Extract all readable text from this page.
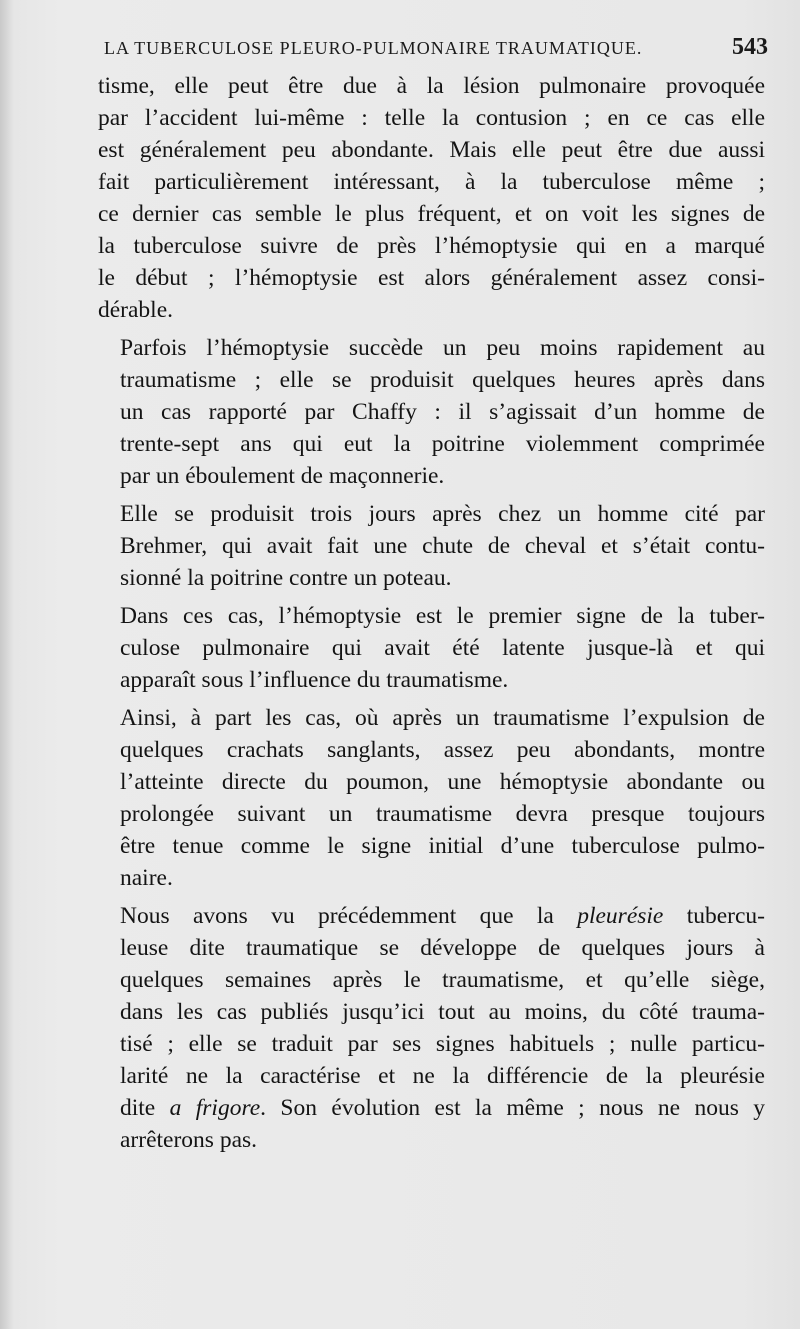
LA TUBERCULOSE PLEURO-PULMONAIRE TRAUMATIQUE.	543

tisme, elle peut être due à la lésion pulmonaire provoquée
par l’accident lui-même : telle la contusion ; en ce cas elle
est généralement peu abondante. Mais elle peut être due aussi
fait particulièrement intéressant, à la tuberculose même ;
ce dernier cas semble le plus fréquent, et on voit les signes de
la tuberculose suivre de près l’hémoptysie qui en a marqué
le début ; l’hémoptysie est alors généralement assez consi-
dérable.

Parfois l’hémoptysie succède un peu moins rapidement au
traumatisme ; elle se produisit quelques heures après dans
un cas rapporté par Chaffy : il s’agissait d’un homme de
trente-sept ans qui eut la poitrine violemment comprimée
par un éboulement de maçonnerie.

Elle se produisit trois jours après chez un homme cité par
Brehmer, qui avait fait une chute de cheval et s’était contu-
sionné la poitrine contre un poteau.

Dans ces cas, l’hémoptysie est le premier signe de la tuber-
culose pulmonaire qui avait été latente jusque-là et qui
apparaît sous l’influence du traumatisme.

Ainsi, à part les cas, où après un traumatisme l’expulsion de
quelques crachats sanglants, assez peu abondants, montre
l’atteinte directe du poumon, une hémoptysie abondante ou
prolongée suivant un traumatisme devra presque toujours
être tenue comme le signe initial d’une tuberculose pulmo-
naire.

Nous avons vu précédemment que la pleurésie tubercu-
leuse dite traumatique se développe de quelques jours à
quelques semaines après le traumatisme, et qu’elle siège,
dans les cas publiés jusqu’ici tout au moins, du côté trauma-
tisé ; elle se traduit par ses signes habituels ; nulle particu-
larité ne la caractérise et ne la différencie de la pleurésie
dite a frigore. Son évolution est la même ; nous ne nous y
arrêterons pas.
